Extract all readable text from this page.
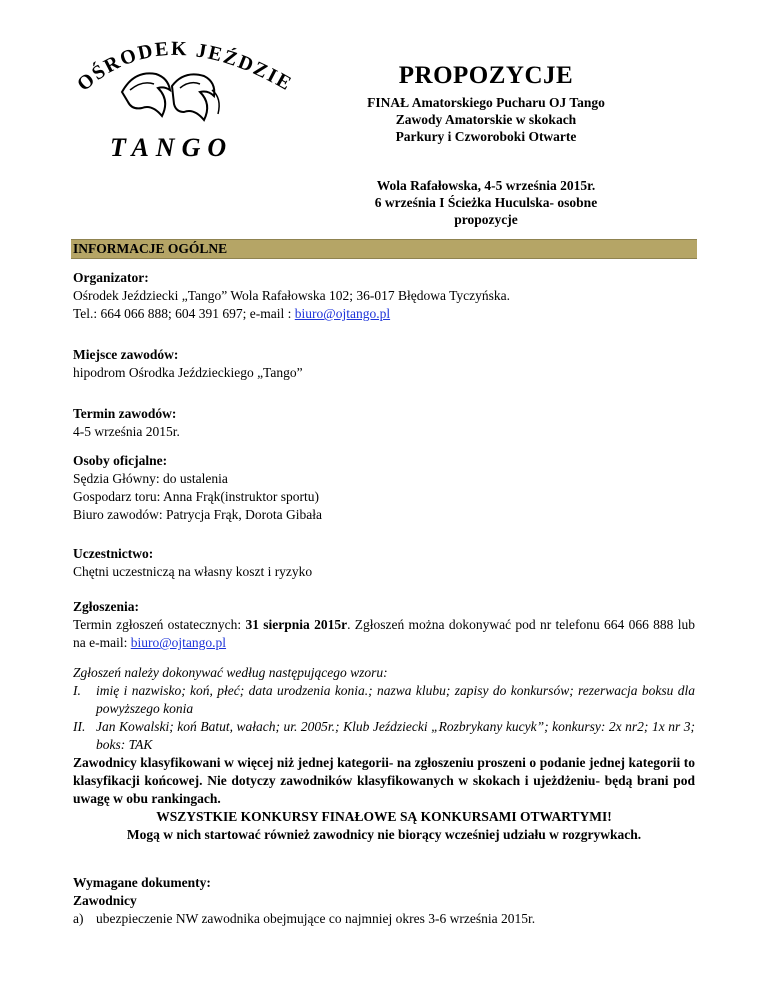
OŚRODEK JEŹDZI
TANGO
PROPOZYCJE
FINAŁ Amatorskiego Pucharu OJ Tango
Zawody Amatorskie w skokach
Parkury i Czworoboki Otwarte
Wola Rafałowska, 4-5 września 2015r.
6 września I Ścieżka Huculska- osobne
propozycje
INFORMACJE OGÓLNE
Organizator:
Ośrodek Jeździecki „Tango” Wola Rafałowska 102; 36-017 Błędowa Tyczyńska.
Tel.: 664 066 888; 604 391 697; e-mail : biuro@ojtango.pl
Miejsce zawodów:
hipodrom Ośrodka Jeździeckiego „Tango”
Termin zawodów:
4-5 września 2015r.
Osoby oficjalne:
Sędzia Główny: do ustalenia
Gospodarz toru: Anna Frąk(instruktor sportu)
Biuro zawodów: Patrycja Frąk, Dorota Gibała
Uczestnictwo:
Chętni uczestniczą na własny koszt i ryzyko
Zgłoszenia:
Termin zgłoszeń ostatecznych: 31 sierpnia 2015r. Zgłoszeń można dokonywać pod nr telefonu 664 066 888 lub na e-mail: biuro@ojtango.pl
Zgłoszeń należy dokonywać według następującego wzoru:
I. imię i nazwisko; koń, płeć; data urodzenia konia.; nazwa klubu; zapisy do konkursów; rezerwacja boksu dla powyższego konia
II. Jan Kowalski; koń Batut, wałach; ur. 2005r.; Klub Jeździecki „Rozbrykany kucyk”; konkursy: 2x nr2; 1x nr 3; boks: TAK
Zawodnicy klasyfikowani w więcej niż jednej kategorii- na zgłoszeniu proszeni o podanie jednej kategorii to klasyfikacji końcowej. Nie dotyczy zawodników klasyfikowanych w skokach i ujeżdżeniu- będą brani pod uwagę w obu rankingach.
WSZYSTKIE KONKURSY FINAŁOWE SĄ KONKURSAMI OTWARTYMI!
Mogą w nich startować również zawodnicy nie biorący wcześniej udziału w rozgrywkach.
Wymagane dokumenty:
Zawodnicy
a) ubezpieczenie NW zawodnika obejmujące co najmniej okres 3-6 września 2015r.
